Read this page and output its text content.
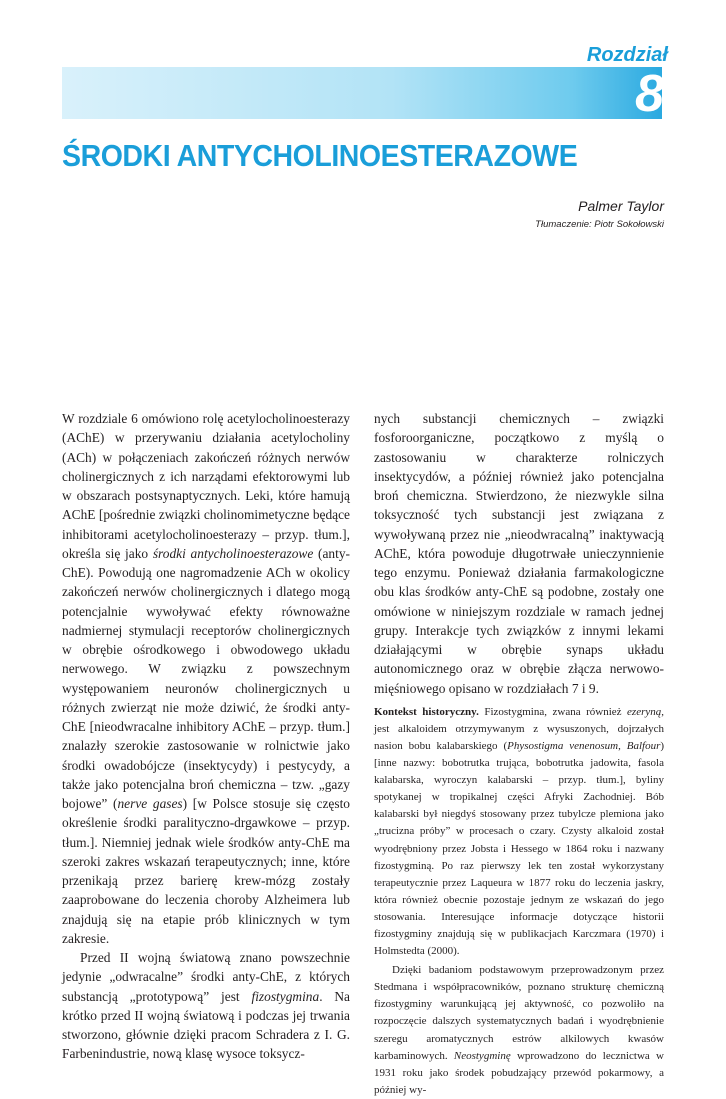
Rozdział
8
ŚRODKI ANTYCHOLINOESTERAZOWE
Palmer Taylor
Tłumaczenie: Piotr Sokołowski

W rozdziale 6 omówiono rolę acetylocholinoesterazy (AChE) w przerywaniu działania acetylocholiny (ACh) w połączeniach zakończeń różnych nerwów cholinergicznych z ich narządami efektorowymi lub w obszarach postsynaptycznych. Leki, które hamują AChE [pośrednie związki cholinomimetyczne będące inhibitorami acetylocholinoesterazy – przyp. tłum.], określa się jako środki antycholinoesterazowe (anty-ChE). Powodują one nagromadzenie ACh w okolicy zakończeń nerwów cholinergicznych i dlatego mogą potencjalnie wywoływać efekty równoważne nadmiernej stymulacji receptorów cholinergicznych w obrębie ośrodkowego i obwodowego układu nerwowego. W związku z powszechnym występowaniem neuronów cholinergicznych u różnych zwierząt nie może dziwić, że środki anty-ChE [nieodwracalne inhibitory AChE – przyp. tłum.] znalazły szerokie zastosowanie w rolnictwie jako środki owadobójcze (insektycydy) i pestycydy, a także jako potencjalna broń chemiczna – tzw. „gazy bojowe” (nerve gases) [w Polsce stosuje się często określenie środki paralityczno-drgawkowe – przyp. tłum.]. Niemniej jednak wiele środków anty-ChE ma szeroki zakres wskazań terapeutycznych; inne, które przenikają przez barierę krew-mózg zostały zaaprobowane do leczenia choroby Alzheimera lub znajdują się na etapie prób klinicznych w tym zakresie.

Przed II wojną światową znano powszechnie jedynie „odwracalne” środki anty-ChE, z których substancją „prototypową” jest fizostygmina. Na krótko przed II wojną światową i podczas jej trwania stworzono, głównie dzięki pracom Schradera z I. G. Farbenindustrie, nową klasę wysoce toksycz-

nych substancji chemicznych – związki fosforoorganiczne, początkowo z myślą o zastosowaniu w charakterze rolniczych insektycydów, a później również jako potencjalna broń chemiczna. Stwierdzono, że niezwykle silna toksyczność tych substancji jest związana z wywoływaną przez nie „nieodwracalną” inaktywacją AChE, która powoduje długotrwałe unieczynnienie tego enzymu. Ponieważ działania farmakologiczne obu klas środków anty-ChE są podobne, zostały one omówione w niniejszym rozdziale w ramach jednej grupy. Interakcje tych związków z innymi lekami działającymi w obrębie synaps układu autonomicznego oraz w obrębie złącza nerwowo-mięśniowego opisano w rozdziałach 7 i 9.

Kontekst historyczny. Fizostygmina, zwana również ezeryną, jest alkaloidem otrzymywanym z wysuszonych, dojrzałych nasion bobu kalabarskiego (Physostigma venenosum, Balfour) [inne nazwy: bobotrutka trująca, bobotrutka jadowita, fasola kalabarska, wyroczyn kalabarski – przyp. tłum.], byliny spotykanej w tropikalnej części Afryki Zachodniej. Bób kalabarski był niegdyś stosowany przez tubylcze plemiona jako „trucizna próby” w procesach o czary. Czysty alkaloid został wyodrębniony przez Jobsta i Hessego w 1864 roku i nazwany fizostygminą. Po raz pierwszy lek ten został wykorzystany terapeutycznie przez Laqueura w 1877 roku do leczenia jaskry, która również obecnie pozostaje jednym ze wskazań do jego stosowania. Interesujące informacje dotyczące historii fizostygminy znajdują się w publikacjach Karczmara (1970) i Holmstedta (2000).

Dzięki badaniom podstawowym przeprowadzonym przez Stedmana i współpracowników, poznano strukturę chemiczną fizostygminy warunkującą jej aktywność, co pozwoliło na rozpoczęcie dalszych systematycznych badań i wyodrębnienie szeregu aromatycznych estrów alkilowych kwasów karbaminowych. Neostygminę wprowadzono do lecznictwa w 1931 roku jako środek pobudzający przewód pokarmowy, a później wy-
